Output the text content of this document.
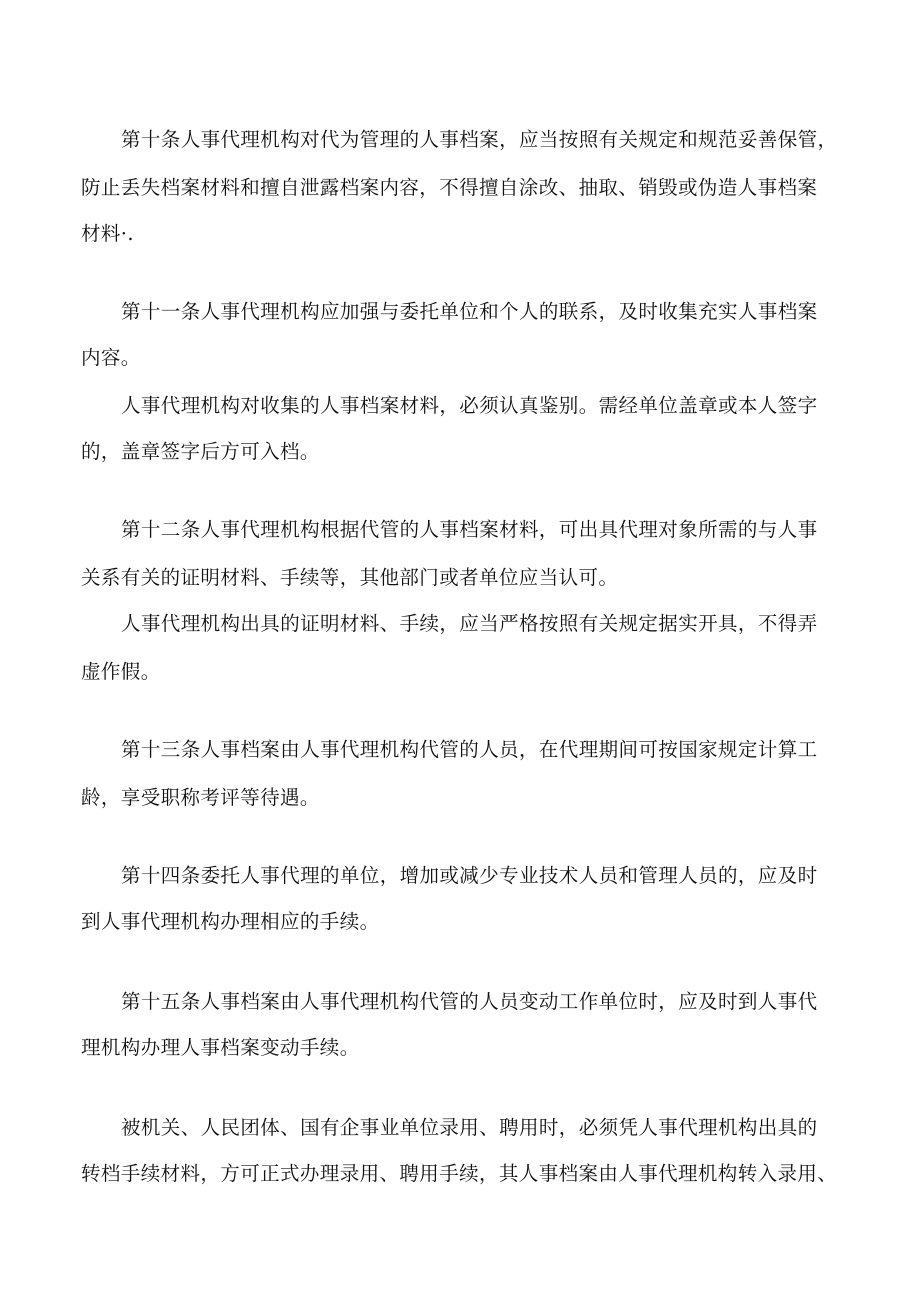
第十条人事代理机构对代为管理的人事档案，应当按照有关规定和规范妥善保管，
防止丢失档案材料和擅自泄露档案内容，不得擅自涂改、抽取、销毁或伪造人事档案
材料·.
第十一条人事代理机构应加强与委托单位和个人的联系，及时收集充实人事档案
内容。
人事代理机构对收集的人事档案材料，必须认真鉴别。需经单位盖章或本人签字
的，盖章签字后方可入档。
第十二条人事代理机构根据代管的人事档案材料，可出具代理对象所需的与人事
关系有关的证明材料、手续等，其他部门或者单位应当认可。
人事代理机构出具的证明材料、手续，应当严格按照有关规定据实开具，不得弄
虚作假。
第十三条人事档案由人事代理机构代管的人员，在代理期间可按国家规定计算工
龄，享受职称考评等待遇。
第十四条委托人事代理的单位，增加或减少专业技术人员和管理人员的，应及时
到人事代理机构办理相应的手续。
第十五条人事档案由人事代理机构代管的人员变动工作单位时，应及时到人事代
理机构办理人事档案变动手续。
被机关、人民团体、国有企事业单位录用、聘用时，必须凭人事代理机构出具的
转档手续材料，方可正式办理录用、聘用手续，其人事档案由人事代理机构转入录用、
